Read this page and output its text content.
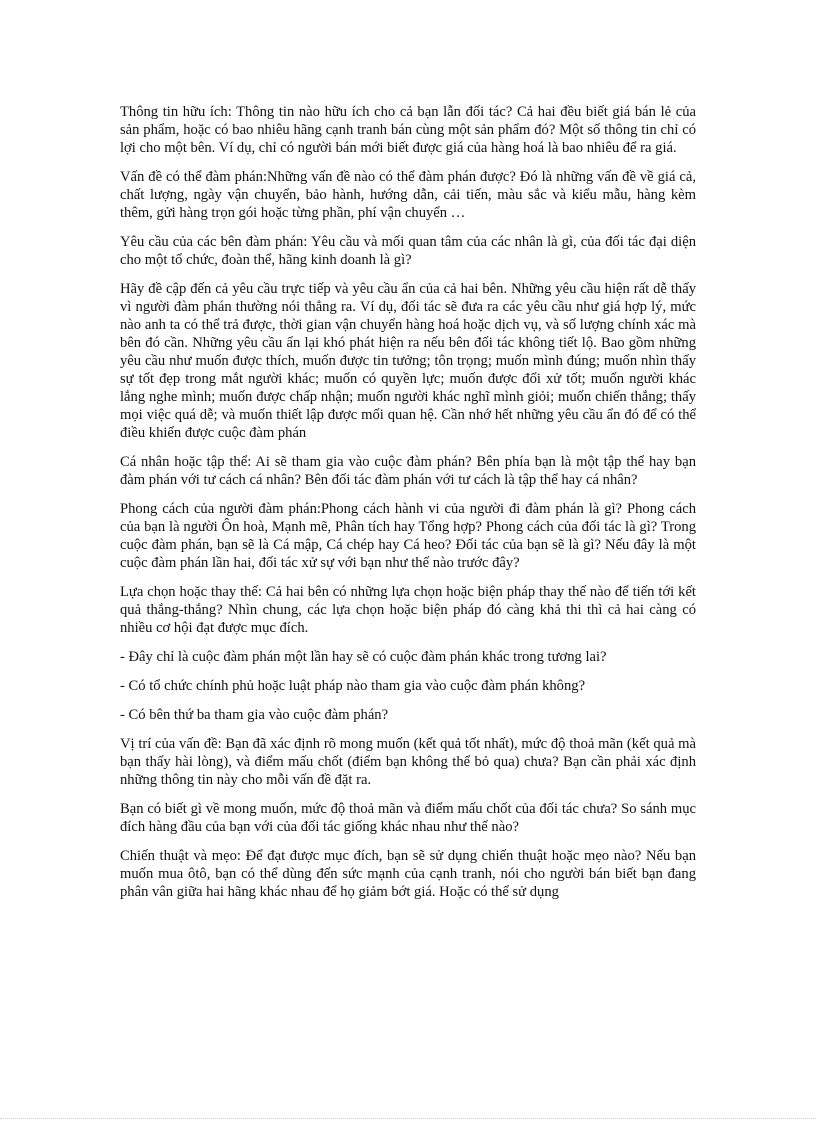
Thông tin hữu ích: Thông tin nào hữu ích cho cả bạn lẫn đối tác? Cả hai đều biết giá bán lẻ của sản phẩm, hoặc có bao nhiêu hãng cạnh tranh bán cùng một sản phẩm đó? Một số thông tin chỉ có lợi cho một bên. Ví dụ, chỉ có người bán mới biết được giá của hàng hoá là bao nhiêu để ra giá.

Vấn đề có thể đàm phán:Những vấn đề nào có thể đàm phán được? Đó là những vấn đề về giá cả, chất lượng, ngày vận chuyển, bảo hành, hướng dẫn, cải tiến, màu sắc và kiểu mẫu, hàng kèm thêm, gửi hàng trọn gói hoặc từng phần, phí vận chuyển …

Yêu cầu của các bên đàm phán: Yêu cầu và mối quan tâm của các nhân là gì, của đối tác đại diện cho một tổ chức, đoàn thể, hãng kinh doanh là gì?

Hãy đề cập đến cả yêu cầu trực tiếp và yêu cầu ẩn của cả hai bên. Những yêu cầu hiện rất dễ thấy vì người đàm phán thường nói thẳng ra. Ví dụ, đối tác sẽ đưa ra các yêu cầu như giá hợp lý, mức nào anh ta có thể trả được, thời gian vận chuyển hàng hoá hoặc dịch vụ, và số lượng chính xác mà bên đó cần. Những yêu cầu ẩn lại khó phát hiện ra nếu bên đối tác không tiết lộ. Bao gồm những yêu cầu như muốn được thích, muốn được tin tưởng; tôn trọng; muốn mình đúng; muốn nhìn thấy sự tốt đẹp trong mắt người khác; muốn có quyền lực; muốn được đối xử tốt; muốn người khác lắng nghe mình; muốn được chấp nhận; muốn người khác nghĩ mình giỏi; muốn chiến thắng; thấy mọi việc quá dễ; và muốn thiết lập được mối quan hệ. Cần nhớ hết những yêu cầu ẩn đó để có thể điều khiển được cuộc đàm phán

Cá nhân hoặc tập thể: Ai sẽ tham gia vào cuộc đàm phán? Bên phía bạn là một tập thể hay bạn đàm phán với tư cách cá nhân? Bên đối tác đàm phán với tư cách là tập thể hay cá nhân?

Phong cách của người đàm phán:Phong cách hành vi của người đi đàm phán là gì? Phong cách của bạn là người Ôn hoà, Mạnh mẽ, Phân tích hay Tổng hợp? Phong cách của đối tác là gì? Trong cuộc đàm phán, bạn sẽ là Cá mập, Cá chép hay Cá heo? Đối tác của bạn sẽ là gì? Nếu đây là một cuộc đàm phán lần hai, đối tác xử sự với bạn như thế nào trước đây?

Lựa chọn hoặc thay thế: Cả hai bên có những lựa chọn hoặc biện pháp thay thế nào để tiến tới kết quả thắng-thắng? Nhìn chung, các lựa chọn hoặc biện pháp đó càng khả thi thì cả hai càng có nhiều cơ hội đạt được mục đích.

- Đây chỉ là cuộc đàm phán một lần hay sẽ có cuộc đàm phán khác trong tương lai?

- Có tổ chức chính phủ hoặc luật pháp nào tham gia vào cuộc đàm phán không?

- Có bên thứ ba tham gia vào cuộc đàm phán?

Vị trí của vấn đề: Bạn đã xác định rõ mong muốn (kết quả tốt nhất), mức độ thoả mãn (kết quả mà bạn thấy hài lòng), và điểm mấu chốt (điểm bạn không thể bỏ qua) chưa? Bạn cần phải xác định những thông tin này cho mỗi vấn đề đặt ra.

Bạn có biết gì về mong muốn, mức độ thoả mãn và điểm mấu chốt của đối tác chưa? So sánh mục đích hàng đầu của bạn với của đối tác giống khác nhau như thế nào?

Chiến thuật và mẹo: Để đạt được mục đích, bạn sẽ sử dụng chiến thuật hoặc mẹo nào? Nếu bạn muốn mua ôtô, bạn có thể dùng đến sức mạnh của cạnh tranh, nói cho người bán biết bạn đang phân vân giữa hai hãng khác nhau để họ giảm bớt giá. Hoặc có thể sử dụng
